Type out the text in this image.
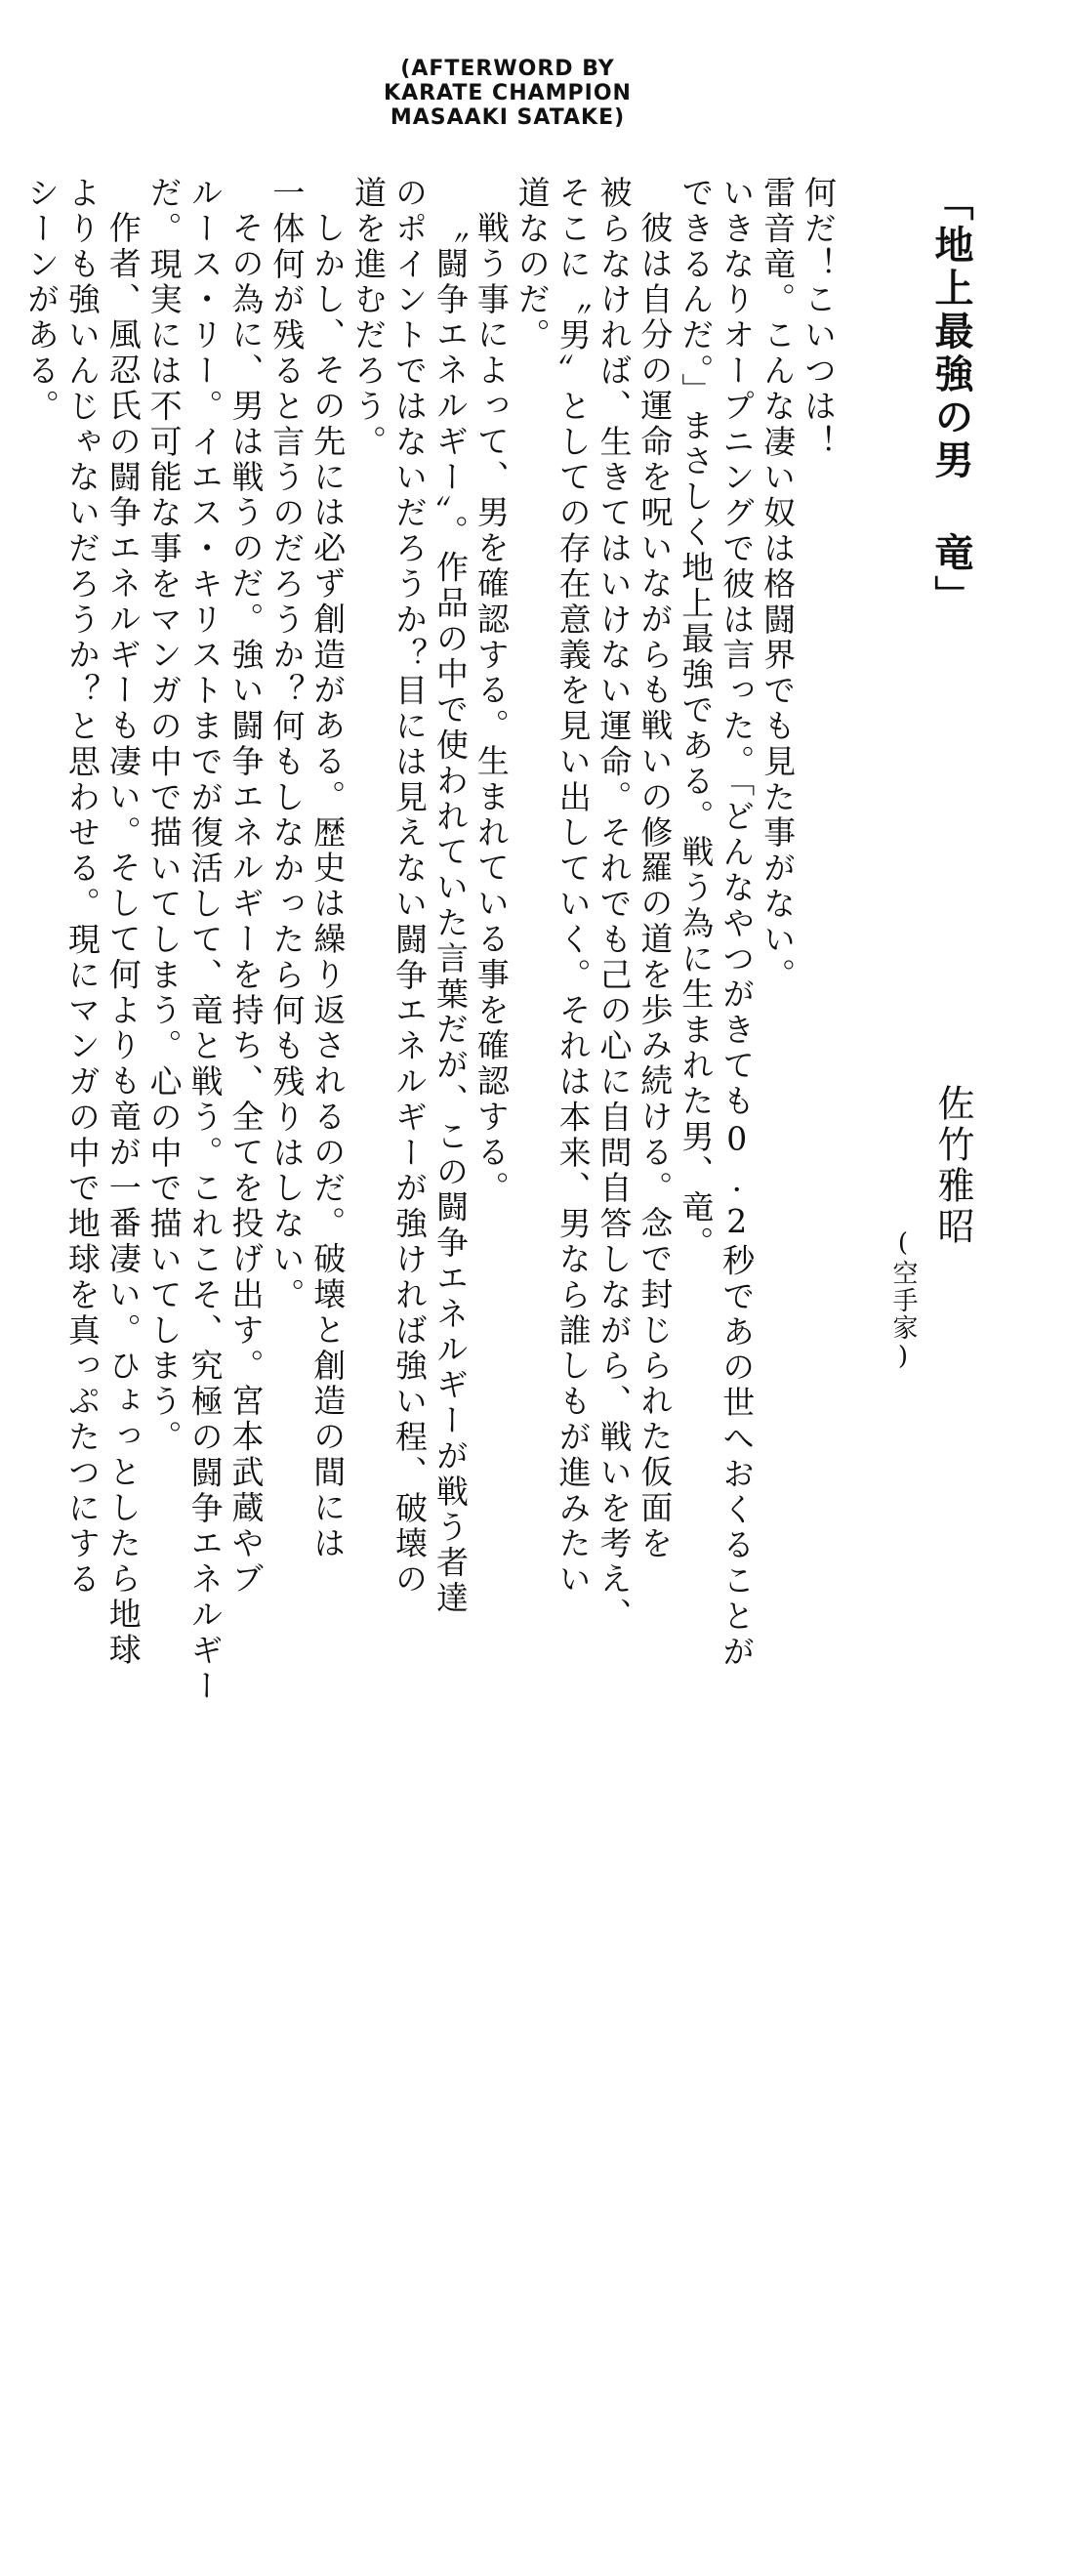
(AFTERWORD BY
KARATE CHAMPION
MASAAKI SATAKE)
「地上最強の男 竜」
佐竹雅昭
(空手家)
何だ！こいつは！
雷音竜。こんな凄い奴は格闘界でも見た事がない。
いきなりオープニングで彼は言った。「どんなやつがきても0.2秒であの世へおくることが
できるんだ。」まさしく地上最強である。戦う為に生まれた男、竜。
彼は自分の運命を呪いながらも戦いの修羅の道を歩み続ける。念で封じられた仮面を
被らなければ、生きてはいけない運命。それでも己の心に自問自答しながら、戦いを考え、
そこに〝男〟としての存在意義を見い出していく。それは本来、男なら誰しもが進みたい
道なのだ。
戦う事によって、男を確認する。生まれている事を確認する。
〝闘争エネルギー〟。作品の中で使われていた言葉だが、この闘争エネルギーが戦う者達
のポイントではないだろうか？目には見えない闘争エネルギーが強ければ強い程、破壊の
道を進むだろう。
しかし、その先には必ず創造がある。歴史は繰り返されるのだ。破壊と創造の間には
一体何が残ると言うのだろうか？何もしなかったら何も残りはしない。
その為に、男は戦うのだ。強い闘争エネルギーを持ち、全てを投げ出す。宮本武蔵やブ
ルース・リー。イエス・キリストまでが復活して、竜と戦う。これこそ、究極の闘争エネルギー
だ。現実には不可能な事をマンガの中で描いてしまう。心の中で描いてしまう。
作者、風忍氏の闘争エネルギーも凄い。そして何よりも竜が一番凄い。ひょっとしたら地球
よりも強いんじゃないだろうか？と思わせる。現にマンガの中で地球を真っぷたつにする
シーンがある。
